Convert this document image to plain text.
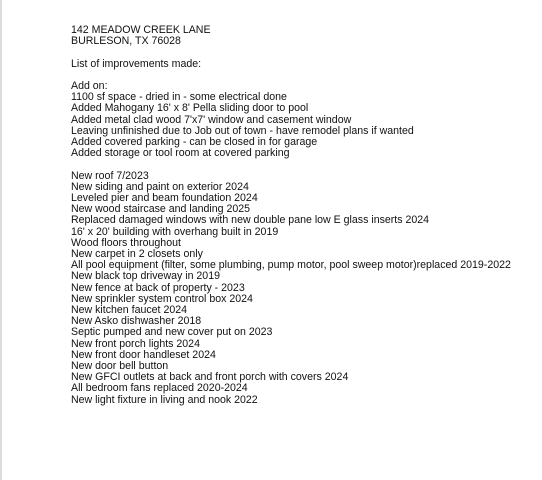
142 MEADOW CREEK LANE
BURLESON, TX 76028
List of improvements made:
Add on:
1100 sf space - dried in - some electrical done
Added Mahogany 16' x 8' Pella sliding door to pool
Added metal clad wood 7'x7' window and casement window
Leaving unfinished due to Job out of town - have remodel plans if wanted
Added covered parking - can be closed in for garage
Added storage or tool room at covered parking
New roof 7/2023
New siding and paint on exterior 2024
Leveled pier and beam foundation 2024
New wood staircase and landing 2025
Replaced damaged windows with new double pane low E glass inserts 2024
16' x 20' building with overhang built in 2019
Wood floors throughout
New carpet in 2 closets only
All pool equipment (filter, some plumbing, pump motor, pool sweep motor)replaced 2019-2022
New black top driveway in 2019
New fence at back of property - 2023
New sprinkler system control box 2024
New kitchen faucet 2024
New Asko dishwasher 2018
Septic pumped and new cover put on 2023
New front porch lights 2024
New front door handleset 2024
New door bell button
New GFCI outlets at back and front porch with covers 2024
All bedroom fans replaced 2020-2024
New light fixture in living and nook 2022
